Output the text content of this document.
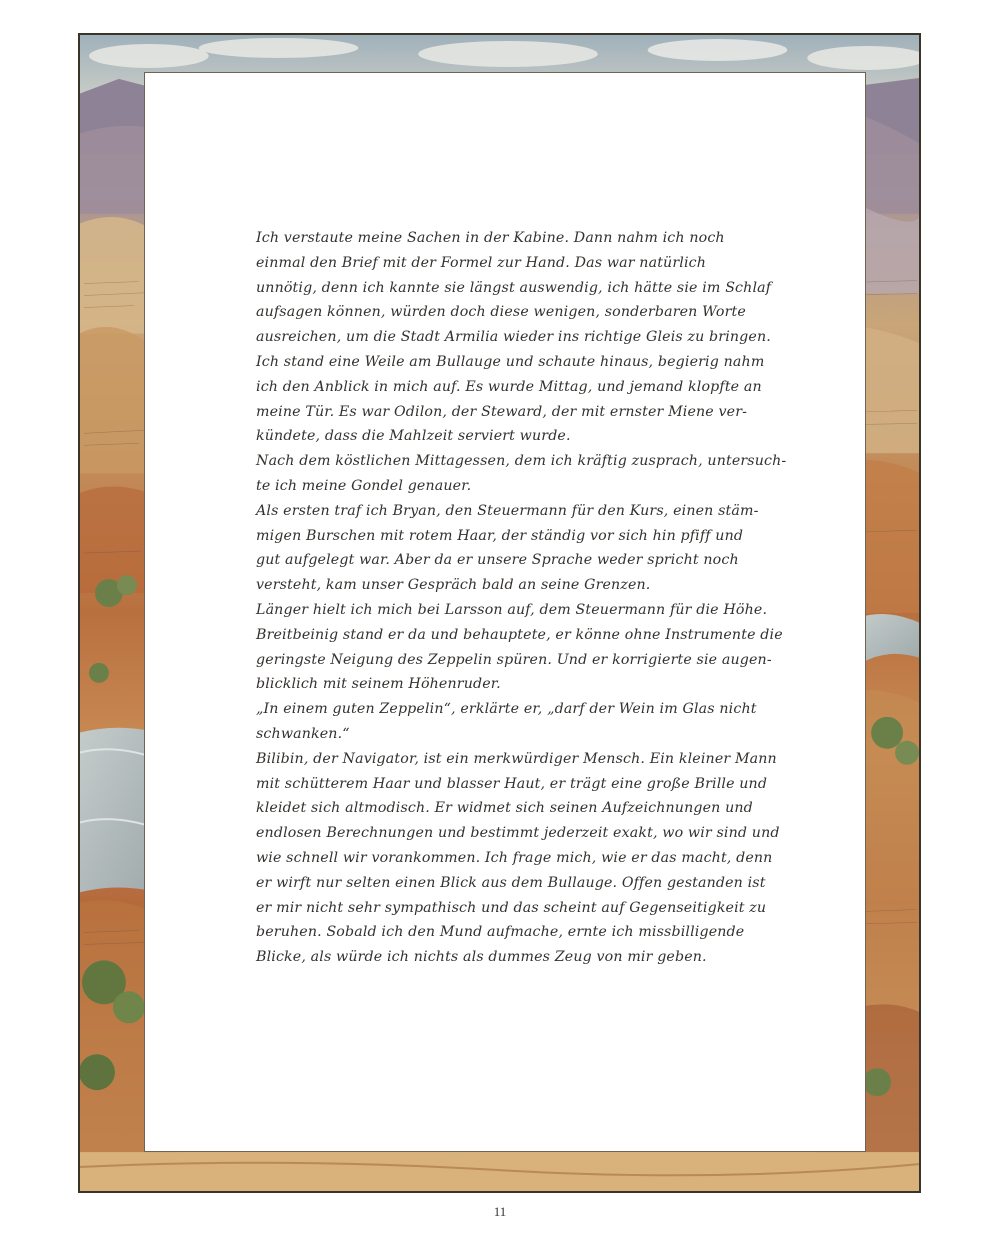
Ich verstaute meine Sachen in der Kabine. Dann nahm ich noch
einmal den Brief mit der Formel zur Hand. Das war natürlich
unnötig, denn ich kannte sie längst auswendig, ich hätte sie im Schlaf
aufsagen können, würden doch diese wenigen, sonderbaren Worte
ausreichen, um die Stadt Armilia wieder ins richtige Gleis zu bringen.
Ich stand eine Weile am Bullauge und schaute hinaus, begierig nahm
ich den Anblick in mich auf. Es wurde Mittag, und jemand klopfte an
meine Tür. Es war Odilon, der Steward, der mit ernster Miene ver-
kündete, dass die Mahlzeit serviert wurde.
Nach dem köstlichen Mittagessen, dem ich kräftig zusprach, untersuch-
te ich meine Gondel genauer.
Als ersten traf ich Bryan, den Steuermann für den Kurs, einen stäm-
migen Burschen mit rotem Haar, der ständig vor sich hin pfiff und
gut aufgelegt war. Aber da er unsere Sprache weder spricht noch
versteht, kam unser Gespräch bald an seine Grenzen.
Länger hielt ich mich bei Larsson auf, dem Steuermann für die Höhe.
Breitbeinig stand er da und behauptete, er könne ohne Instrumente die
geringste Neigung des Zeppelin spüren. Und er korrigierte sie augen-
blicklich mit seinem Höhenruder.
„In einem guten Zeppelin“, erklärte er, „darf der Wein im Glas nicht
schwanken.“
Bilibin, der Navigator, ist ein merkwürdiger Mensch. Ein kleiner Mann
mit schütterem Haar und blasser Haut, er trägt eine große Brille und
kleidet sich altmodisch. Er widmet sich seinen Aufzeichnungen und
endlosen Berechnungen und bestimmt jederzeit exakt, wo wir sind und
wie schnell wir vorankommen. Ich frage mich, wie er das macht, denn
er wirft nur selten einen Blick aus dem Bullauge. Offen gestanden ist
er mir nicht sehr sympathisch und das scheint auf Gegenseitigkeit zu
beruhen. Sobald ich den Mund aufmache, ernte ich missbilligende
Blicke, als würde ich nichts als dummes Zeug von mir geben.
11
